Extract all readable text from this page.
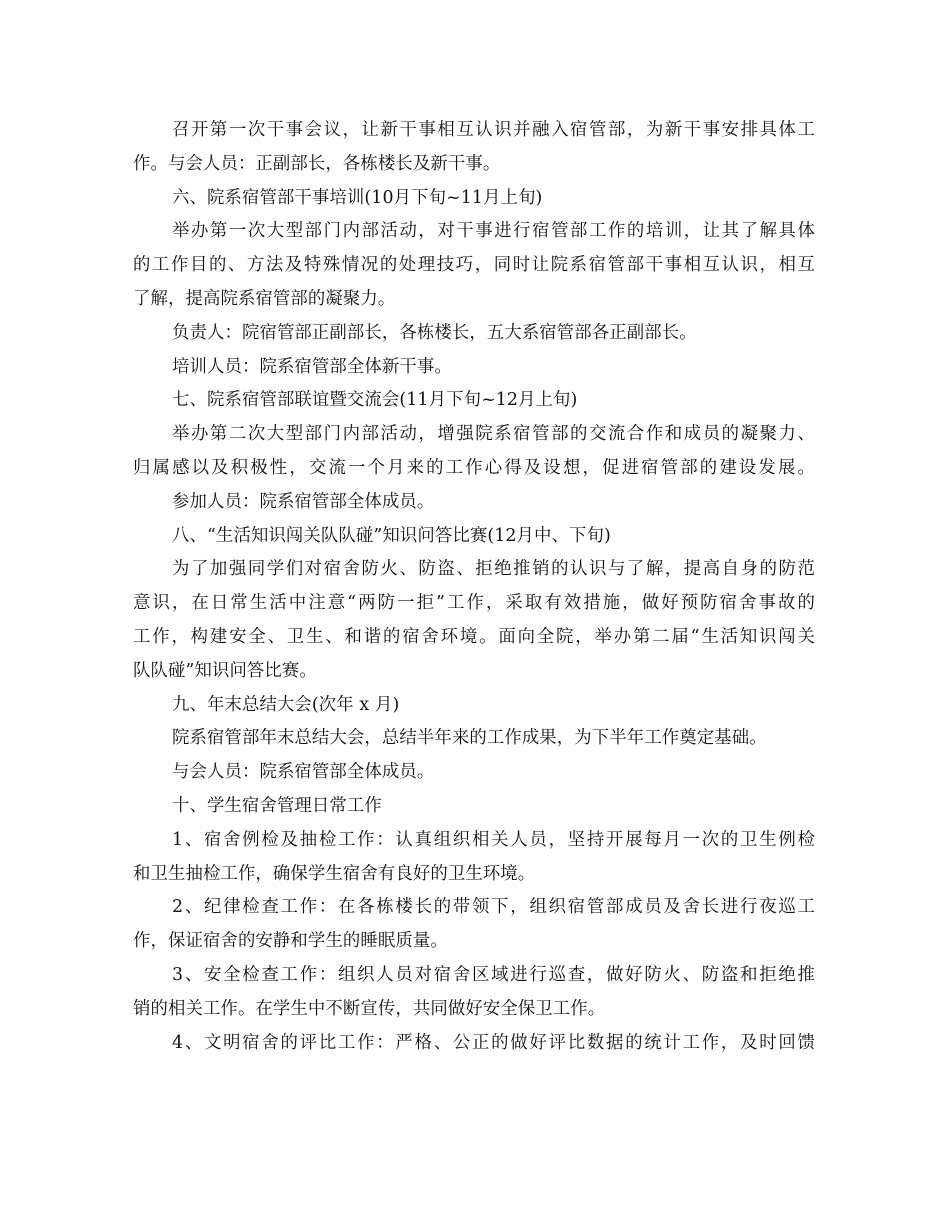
召开第一次干事会议，让新干事相互认识并融入宿管部，为新干事安排具体工
作。与会人员：正副部长，各栋楼长及新干事。
六、院系宿管部干事培训(10月下旬~11月上旬)
举办第一次大型部门内部活动，对干事进行宿管部工作的培训，让其了解具体
的工作目的、方法及特殊情况的处理技巧，同时让院系宿管部干事相互认识，相互
了解，提高院系宿管部的凝聚力。
负责人：院宿管部正副部长，各栋楼长，五大系宿管部各正副部长。
培训人员：院系宿管部全体新干事。
七、院系宿管部联谊暨交流会(11月下旬~12月上旬)
举办第二次大型部门内部活动，增强院系宿管部的交流合作和成员的凝聚力、
归属感以及积极性，交流一个月来的工作心得及设想，促进宿管部的建设发展。
参加人员：院系宿管部全体成员。
八、“生活知识闯关队队碰”知识问答比赛(12月中、下旬)
为了加强同学们对宿舍防火、防盗、拒绝推销的认识与了解，提高自身的防范
意识，在日常生活中注意“两防一拒”工作，采取有效措施，做好预防宿舍事故的
工作，构建安全、卫生、和谐的宿舍环境。面向全院，举办第二届“生活知识闯关
队队碰”知识问答比赛。
九、年末总结大会(次年 x 月)
院系宿管部年末总结大会，总结半年来的工作成果，为下半年工作奠定基础。
与会人员：院系宿管部全体成员。
十、学生宿舍管理日常工作
1、宿舍例检及抽检工作：认真组织相关人员，坚持开展每月一次的卫生例检
和卫生抽检工作，确保学生宿舍有良好的卫生环境。
2、纪律检查工作：在各栋楼长的带领下，组织宿管部成员及舍长进行夜巡工
作，保证宿舍的安静和学生的睡眠质量。
3、安全检查工作：组织人员对宿舍区域进行巡查，做好防火、防盗和拒绝推
销的相关工作。在学生中不断宣传，共同做好安全保卫工作。
4、文明宿舍的评比工作：严格、公正的做好评比数据的统计工作，及时回馈
